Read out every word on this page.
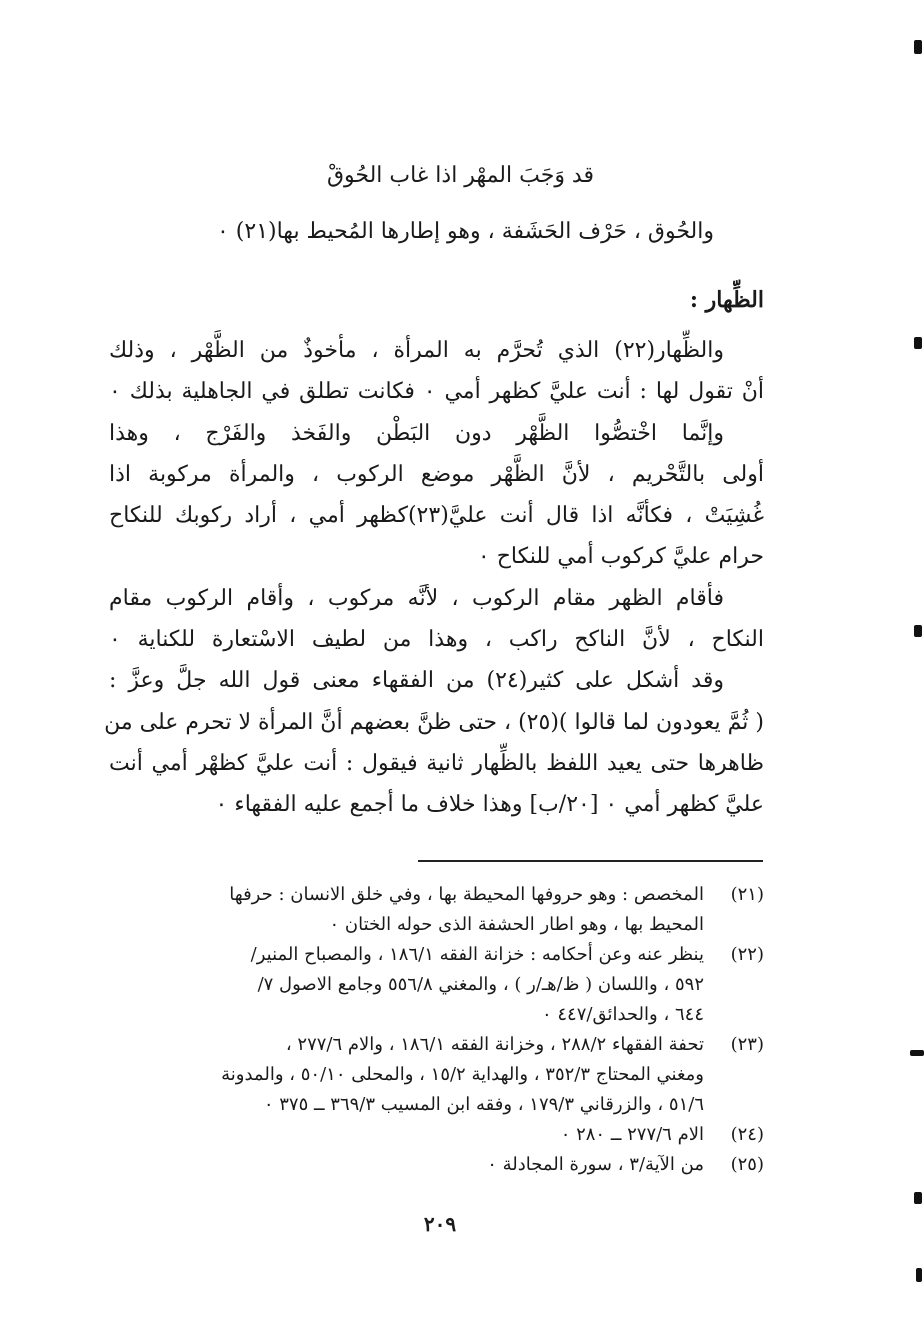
قد وَجَبَ المهْر اذا غاب الحُوقْ
والحُوق ، حَرْف الحَشَفة ، وهو إطارها المُحيط بها(٢١) ٠
الظِّهار :
والظِّهار(٢٢) الذي تُحرَّم به المرأة ، مأخوذٌ من الظَّهْر ، وذلك
أنْ تقول لها : أنت عليَّ كظهر أمي ٠ فكانت تطلق في الجاهلية بذلك ٠
وإنَّما اخْتصُّوا الظَّهْر دون البَطْن والفَخذ والفَرْج ، وهذا
أولى بالتَّحْريم ، لأنَّ الظَّهْر موضع الركوب ، والمرأة مركوبة اذا
غُشِيَتْ ، فكأنَّه اذا قال أنت عليَّ(٢٣)كظهر أمي ، أراد ركوبك للنكاح
حرام عليَّ كركوب أمي للنكاح ٠
فأقام الظهر مقام الركوب ، لأنَّه مركوب ، وأقام الركوب مقام
النكاح ، لأنَّ الناكح راكب ، وهذا من لطيف الاسْتعارة للكناية ٠
وقد أشكل على كثير(٢٤) من الفقهاء معنى قول الله جلَّ وعزَّ :
( ثُمَّ يعودون لما قالوا )(٢٥) ، حتى ظنَّ بعضهم أنَّ المرأة لا تحرم على من
ظاهرها حتى يعيد اللفظ بالظِّهار ثانية فيقول : أنت عليَّ كظهْر أمي أنت
عليَّ كظهر أمي ٠ [٢٠/ب] وهذا خلاف ما أجمع عليه الفقهاء ٠
(٢١)
المخصص : وهو حروفها المحيطة بها ، وفي خلق الانسان : حرفها
المحيط بها ، وهو اطار الحشفة الذى حوله الختان ٠
(٢٢)
ينظر عنه وعن أحكامه : خزانة الفقه ١٨٦/١ ، والمصباح المنير/
٥٩٢ ، واللسان ( ظ/هـ/ر ) ، والمغني ٥٥٦/٨ وجامع الاصول ٧/
٦٤٤ ، والحدائق/٤٤٧ ٠
(٢٣)
تحفة الفقهاء ٢٨٨/٢ ، وخزانة الفقه ١٨٦/١ ، والام ٢٧٧/٦ ،
ومغني المحتاج ٣٥٢/٣ ، والهداية ١٥/٢ ، والمحلى ٥٠/١٠ ، والمدونة
٥١/٦ ، والزرقاني ١٧٩/٣ ، وفقه ابن المسيب ٣٦٩/٣ ــ ٣٧٥ ٠
(٢٤)
الام ٢٧٧/٦ ــ ٢٨٠ ٠
(٢٥)
من الآية/٣ ، سورة المجادلة ٠
٢٠٩
